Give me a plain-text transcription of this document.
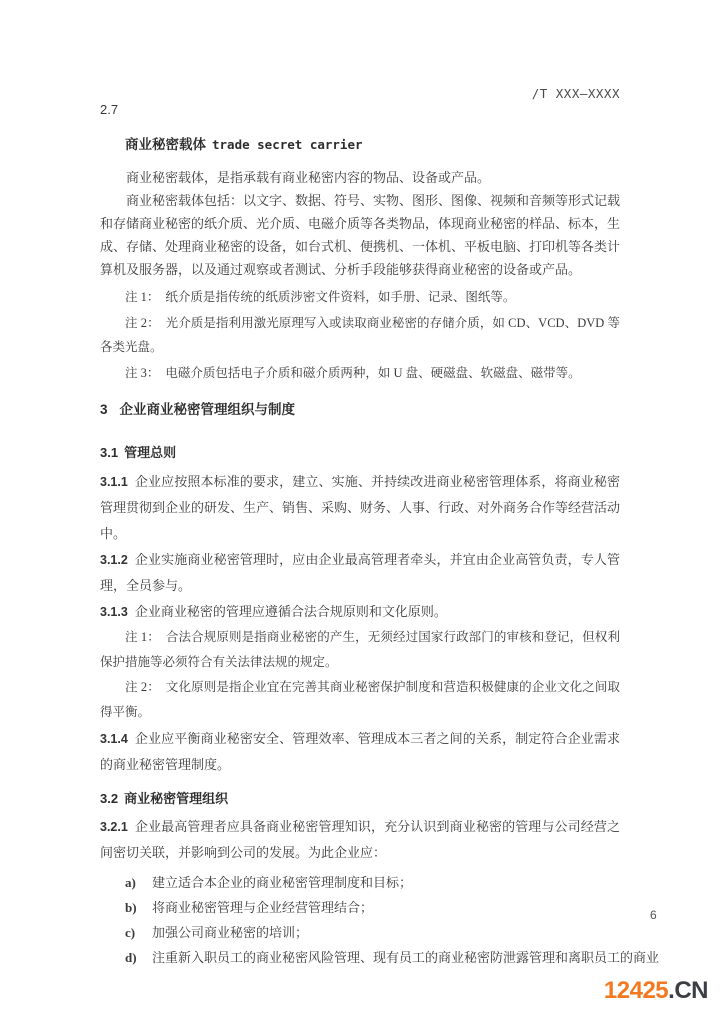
/T XXX—XXXX
2.7
商业秘密载体 trade secret carrier

商业秘密载体，是指承载有商业秘密内容的物品、设备或产品。

商业秘密载体包括：以文字、数据、符号、实物、图形、图像、视频和音频等形式记载和存储商业秘密的纸介质、光介质、电磁介质等各类物品，体现商业秘密的样品、标本，生成、存储、处理商业秘密的设备，如台式机、便携机、一体机、平板电脑、打印机等各类计算机及服务器，以及通过观察或者测试、分析手段能够获得商业秘密的设备或产品。

注 1： 纸介质是指传统的纸质涉密文件资料，如手册、记录、图纸等。

注 2： 光介质是指利用激光原理写入或读取商业秘密的存储介质，如 CD、VCD、DVD 等各类光盘。

注 3： 电磁介质包括电子介质和磁介质两种，如 U 盘、硬磁盘、软磁盘、磁带等。

3 企业商业秘密管理组织与制度
3.1 管理总则

3.1.1 企业应按照本标准的要求，建立、实施、并持续改进商业秘密管理体系，将商业秘密管理贯彻到企业的研发、生产、销售、采购、财务、人事、行政、对外商务合作等经营活动中。

3.1.2 企业实施商业秘密管理时，应由企业最高管理者牵头，并宜由企业高管负责，专人管理，全员参与。

3.1.3 企业商业秘密的管理应遵循合法合规原则和文化原则。

注 1： 合法合规原则是指商业秘密的产生，无须经过国家行政部门的审核和登记，但权利保护措施等必须符合有关法律法规的规定。

注 2： 文化原则是指企业宜在完善其商业秘密保护制度和营造积极健康的企业文化之间取得平衡。

3.1.4 企业应平衡商业秘密安全、管理效率、管理成本三者之间的关系，制定符合企业需求的商业秘密管理制度。

3.2 商业秘密管理组织

3.2.1 企业最高管理者应具备商业秘密管理知识，充分认识到商业秘密的管理与公司经营之间密切关联，并影响到公司的发展。为此企业应：

a)	建立适合本企业的商业秘密管理制度和目标；
b)	将商业秘密管理与企业经营管理结合；
c)	加强公司商业秘密的培训；
d)	注重新入职员工的商业秘密风险管理、现有员工的商业秘密防泄露管理和离职员工的商业
6
12425.CN
